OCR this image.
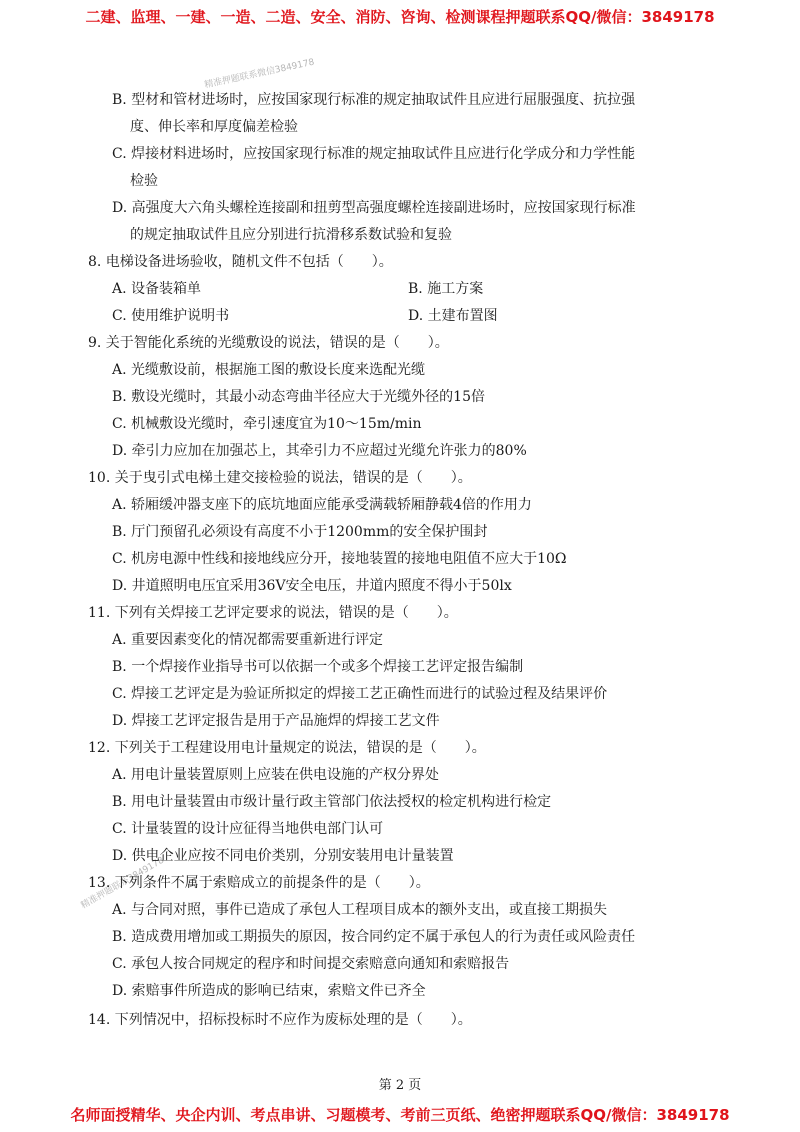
二建、监理、一建、一造、二造、安全、消防、咨询、检测课程押题联系QQ/微信：3849178
精准押题联系微信3849178
精准押题联系3849178
B. 型材和管材进场时，应按国家现行标准的规定抽取试件且应进行屈服强度、抗拉强
度、伸长率和厚度偏差检验
C. 焊接材料进场时，应按国家现行标准的规定抽取试件且应进行化学成分和力学性能
检验
D. 高强度大六角头螺栓连接副和扭剪型高强度螺栓连接副进场时，应按国家现行标准
的规定抽取试件且应分别进行抗滑移系数试验和复验
8. 电梯设备进场验收，随机文件不包括（　　）。
A. 设备装箱单	B. 施工方案
C. 使用维护说明书	D. 土建布置图
9. 关于智能化系统的光缆敷设的说法，错误的是（　　）。
A. 光缆敷设前，根据施工图的敷设长度来选配光缆
B. 敷设光缆时，其最小动态弯曲半径应大于光缆外径的15倍
C. 机械敷设光缆时，牵引速度宜为10～15m/min
D. 牵引力应加在加强芯上，其牵引力不应超过光缆允许张力的80%
10. 关于曳引式电梯土建交接检验的说法，错误的是（　　）。
A. 轿厢缓冲器支座下的底坑地面应能承受满载轿厢静载4倍的作用力
B. 厅门预留孔必须设有高度不小于1200mm的安全保护围封
C. 机房电源中性线和接地线应分开，接地装置的接地电阻值不应大于10Ω
D. 井道照明电压宜采用36V安全电压，井道内照度不得小于50lx
11. 下列有关焊接工艺评定要求的说法，错误的是（　　）。
A. 重要因素变化的情况都需要重新进行评定
B. 一个焊接作业指导书可以依据一个或多个焊接工艺评定报告编制
C. 焊接工艺评定是为验证所拟定的焊接工艺正确性而进行的试验过程及结果评价
D. 焊接工艺评定报告是用于产品施焊的焊接工艺文件
12. 下列关于工程建设用电计量规定的说法，错误的是（　　）。
A. 用电计量装置原则上应装在供电设施的产权分界处
B. 用电计量装置由市级计量行政主管部门依法授权的检定机构进行检定
C. 计量装置的设计应征得当地供电部门认可
D. 供电企业应按不同电价类别，分别安装用电计量装置
13. 下列条件不属于索赔成立的前提条件的是（　　）。
A. 与合同对照，事件已造成了承包人工程项目成本的额外支出，或直接工期损失
B. 造成费用增加或工期损失的原因，按合同约定不属于承包人的行为责任或风险责任
C. 承包人按合同规定的程序和时间提交索赔意向通知和索赔报告
D. 索赔事件所造成的影响已结束，索赔文件已齐全
14. 下列情况中，招标投标时不应作为废标处理的是（　　）。
第 2 页
名师面授精华、央企内训、考点串讲、习题模考、考前三页纸、绝密押题联系QQ/微信：3849178
